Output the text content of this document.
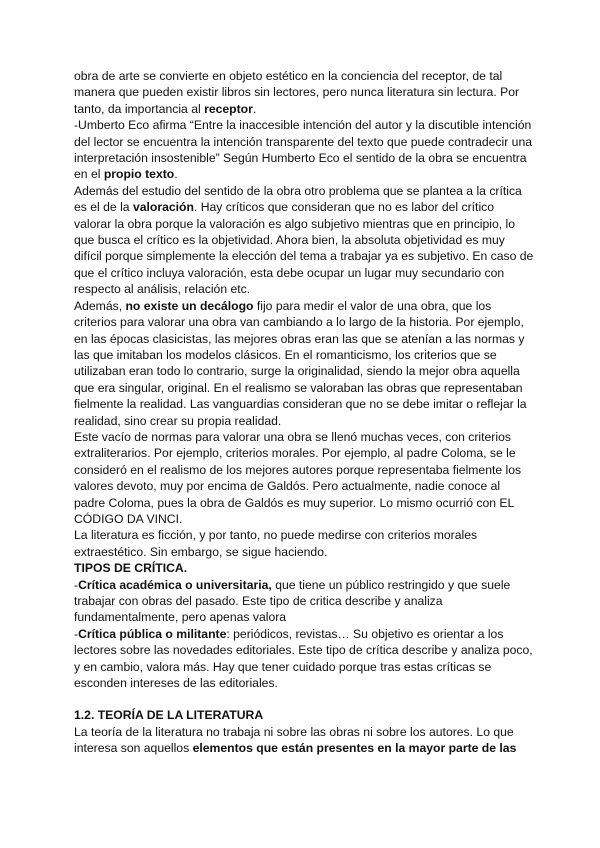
obra de arte se convierte en objeto estético en la conciencia del receptor, de tal manera que pueden existir libros sin lectores, pero nunca literatura sin lectura. Por tanto, da importancia al receptor.

-Umberto Eco afirma “Entre la inaccesible intención del autor y la discutible intención del lector se encuentra la intención transparente del texto que puede contradecir una interpretación insostenible” Según Humberto Eco el sentido de la obra se encuentra en el propio texto.

Además del estudio del sentido de la obra otro problema que se plantea a la crítica es el de la valoración. Hay críticos que consideran que no es labor del crítico valorar la obra porque la valoración es algo subjetivo mientras que en principio, lo que busca el crítico es la objetividad. Ahora bien, la absoluta objetividad es muy difícil porque simplemente la elección del tema a trabajar ya es subjetivo. En caso de que el crítico incluya valoración, esta debe ocupar un lugar muy secundario con respecto al análisis, relación etc.

Además, no existe un decálogo fijo para medir el valor de una obra, que los criterios para valorar una obra van cambiando a lo largo de la historia. Por ejemplo, en las épocas clasicistas, las mejores obras eran las que se atenían a las normas y las que imitaban los modelos clásicos. En el romanticismo, los criterios que se utilizaban eran todo lo contrario, surge la originalidad, siendo la mejor obra aquella que era singular, original. En el realismo se valoraban las obras que representaban fielmente la realidad. Las vanguardias consideran que no se debe imitar o reflejar la realidad, sino crear su propia realidad.

Este vacío de normas para valorar una obra se llenó muchas veces, con criterios extraliterarios. Por ejemplo, criterios morales. Por ejemplo, al padre Coloma, se le consideró en el realismo de los mejores autores porque representaba fielmente los valores devoto, muy por encima de Galdós. Pero actualmente, nadie conoce al padre Coloma, pues la obra de Galdós es muy superior. Lo mismo ocurrió con EL CÓDIGO DA VINCI.

La literatura es ficción, y por tanto, no puede medirse con criterios morales extraestético. Sin embargo, se sigue haciendo.

TIPOS DE CRÍTICA.

-Crítica académica o universitaria, que tiene un público restringido y que suele trabajar con obras del pasado. Este tipo de critica describe y analiza fundamentalmente, pero apenas valora

-Crítica pública o militante: periódicos, revistas… Su objetivo es orientar a los lectores sobre las novedades editoriales. Este tipo de crítica describe y analiza poco, y en cambio, valora más. Hay que tener cuidado porque tras estas críticas se esconden intereses de las editoriales.

1.2. TEORÍA DE LA LITERATURA

La teoría de la literatura no trabaja ni sobre las obras ni sobre los autores. Lo que interesa son aquellos elementos que están presentes en la mayor parte de las
